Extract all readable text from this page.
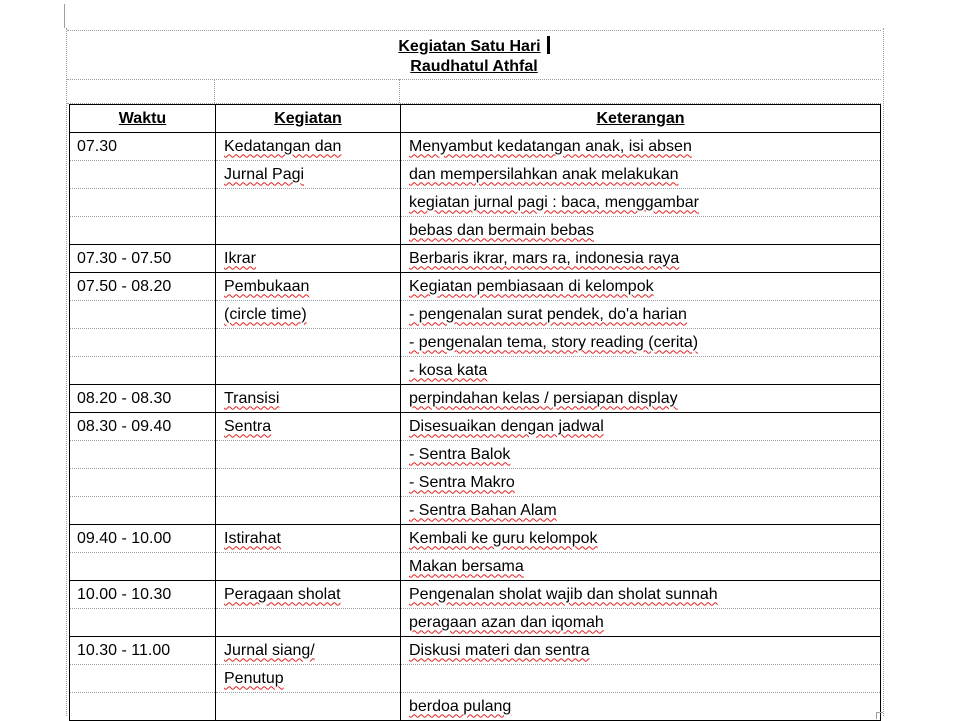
Kegiatan Satu Hari
Raudhatul Athfal
Waktu	Kegiatan	Keterangan
07.30	Kedatangan dan	Menyambut kedatangan anak, isi absen
	Jurnal Pagi	dan mempersilahkan anak melakukan
		kegiatan jurnal pagi : baca, menggambar
		bebas dan bermain bebas
07.30 - 07.50	Ikrar	Berbaris ikrar, mars ra, indonesia raya
07.50 - 08.20	Pembukaan	Kegiatan pembiasaan di kelompok
	(circle time)	- pengenalan surat pendek, do'a harian
		- pengenalan tema, story reading (cerita)
		- kosa kata
08.20 - 08.30	Transisi	perpindahan kelas / persiapan display
08.30 - 09.40	Sentra	Disesuaikan dengan jadwal
		- Sentra Balok
		- Sentra Makro
		- Sentra Bahan Alam
09.40 - 10.00	Istirahat	Kembali ke guru kelompok
		Makan bersama
10.00 - 10.30	Peragaan sholat	Pengenalan sholat wajib dan sholat sunnah
		peragaan azan dan iqomah
10.30 - 11.00	Jurnal siang/	Diskusi materi dan sentra
	Penutup	
		berdoa pulang
